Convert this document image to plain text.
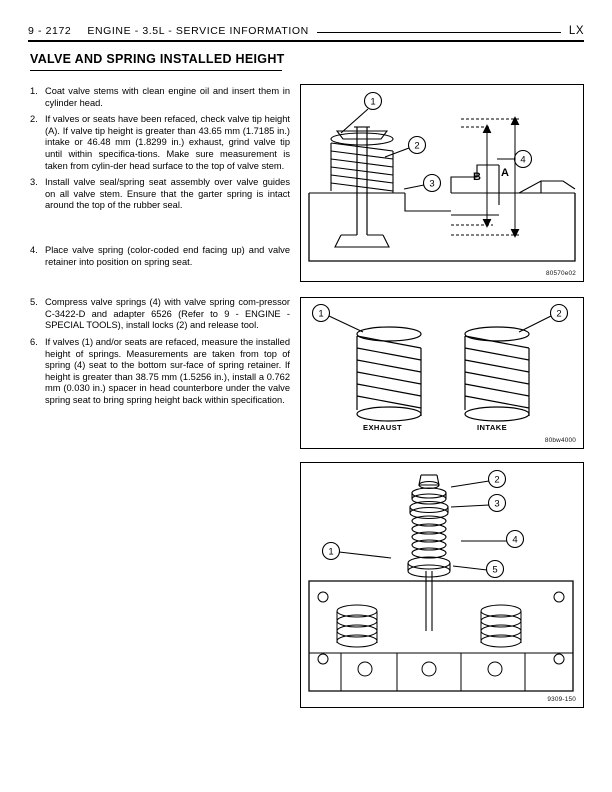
9 - 2172 ENGINE - 3.5L - SERVICE INFORMATION	LX
VALVE AND SPRING INSTALLED HEIGHT
1. Coat valve stems with clean engine oil and insert them in cylinder head.
2. If valves or seats have been refaced, check valve tip height (A). If valve tip height is greater than 43.65 mm (1.7185 in.) intake or 46.48 mm (1.8299 in.) exhaust, grind valve tip until within specifica-tions. Make sure measurement is taken from cylin-der head surface to the top of valve stem.
3. Install valve seal/spring seat assembly over valve guides on all valve stem. Ensure that the garter spring is intact around the top of the rubber seal.
4. Place valve spring (color-coded end facing up) and valve retainer into position on spring seat.
5. Compress valve springs (4) with valve spring com-pressor C-3422-D and adapter 6526 (Refer to 9 - ENGINE - SPECIAL TOOLS), install locks (2) and release tool.
6. If valves (1) and/or seats are refaced, measure the installed height of springs. Measurements are taken from top of spring (4) seat to the bottom sur-face of spring retainer. If height is greater than 38.75 mm (1.5256 in.), install a 0.762 mm (0.030 in.) spacer in head counterbore under the valve spring seat to bring spring height back within specification.
1
2
3
4
B A
80570e02
1	2
EXHAUST	INTAKE
80bw4000
2
3
4
5
1
9309-150
